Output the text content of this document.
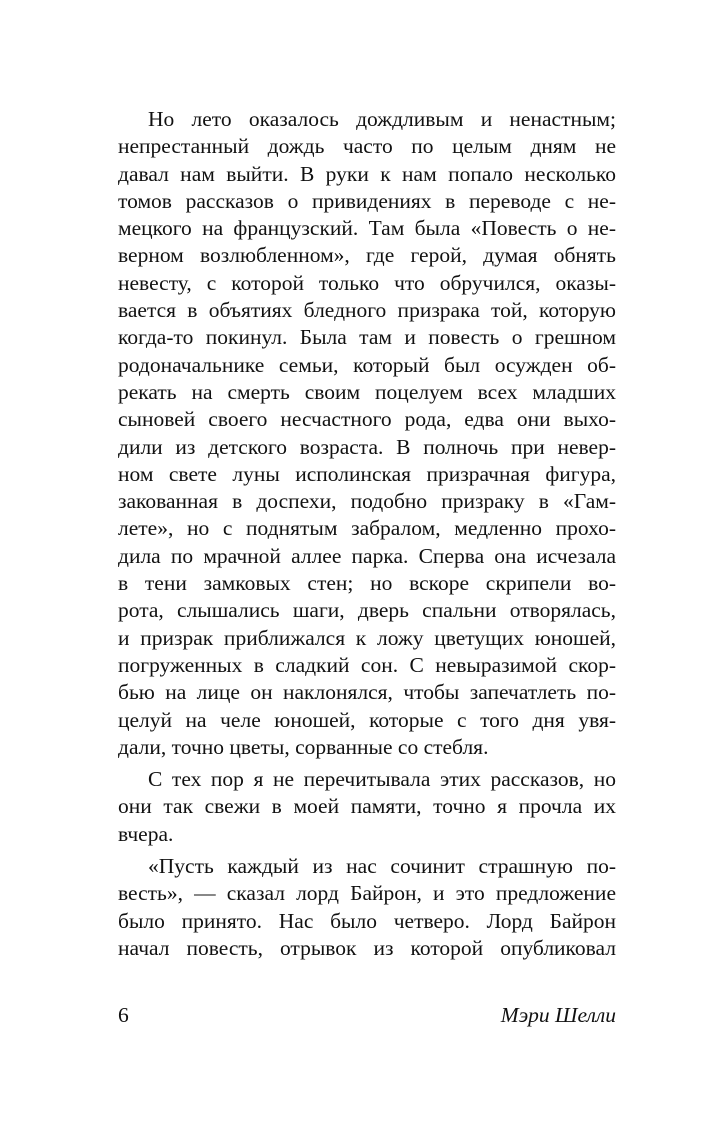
Но лето оказалось дождливым и ненастным;
непрестанный дождь часто по целым дням не
давал нам выйти. В руки к нам попало несколько
томов рассказов о привидениях в переводе с не-
мецкого на французский. Там была «Повесть о не-
верном возлюбленном», где герой, думая обнять
невесту, с которой только что обручился, оказы-
вается в объятиях бледного призрака той, которую
когда-то покинул. Была там и повесть о грешном
родоначальнике семьи, который был осужден об-
рекать на смерть своим поцелуем всех младших
сыновей своего несчастного рода, едва они выхо-
дили из детского возраста. В полночь при невер-
ном свете луны исполинская призрачная фигура,
закованная в доспехи, подобно призраку в «Гам-
лете», но с поднятым забралом, медленно прохо-
дила по мрачной аллее парка. Сперва она исчезала
в тени замковых стен; но вскоре скрипели во-
рота, слышались шаги, дверь спальни отворялась,
и призрак приближался к ложу цветущих юношей,
погруженных в сладкий сон. С невыразимой скор-
бью на лице он наклонялся, чтобы запечатлеть по-
целуй на челе юношей, которые с того дня увя-
дали, точно цветы, сорванные со стебля.
С тех пор я не перечитывала этих рассказов, но
они так свежи в моей памяти, точно я прочла их
вчера.
«Пусть каждый из нас сочинит страшную по-
весть», — сказал лорд Байрон, и это предложение
было принято. Нас было четверо. Лорд Байрон
начал повесть, отрывок из которой опубликовал
6	Мэри Шелли
